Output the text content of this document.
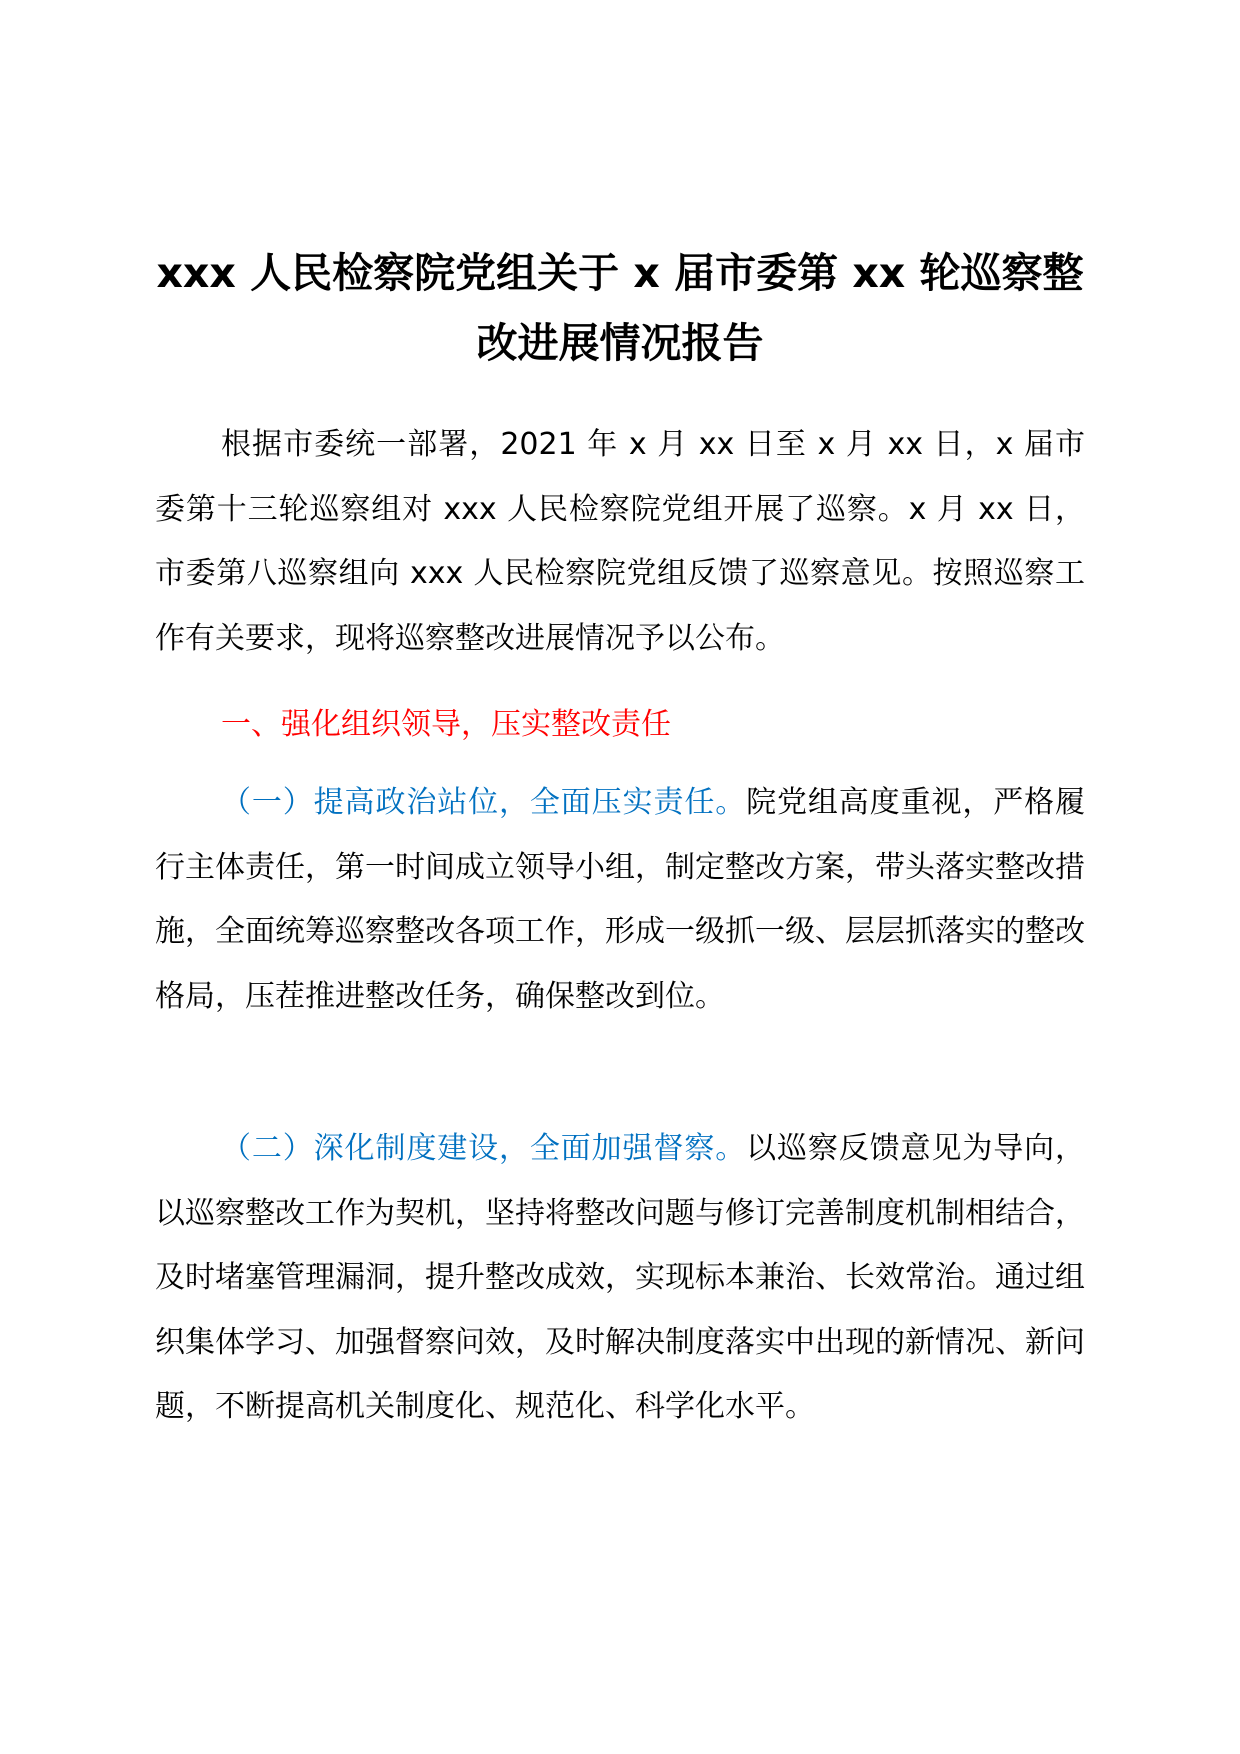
xxx 人民检察院党组关于 x 届市委第 xx 轮巡察整改进展情况报告
根据市委统一部署，2021 年 x 月 xx 日至 x 月 xx 日，x 届市委第十三轮巡察组对 xxx 人民检察院党组开展了巡察。x 月 xx 日，市委第八巡察组向 xxx 人民检察院党组反馈了巡察意见。按照巡察工作有关要求，现将巡察整改进展情况予以公布。
一、强化组织领导，压实整改责任
（一）提高政治站位，全面压实责任。院党组高度重视，严格履行主体责任，第一时间成立领导小组，制定整改方案，带头落实整改措施，全面统筹巡察整改各项工作，形成一级抓一级、层层抓落实的整改格局，压茬推进整改任务，确保整改到位。
（二）深化制度建设，全面加强督察。以巡察反馈意见为导向，以巡察整改工作为契机，坚持将整改问题与修订完善制度机制相结合，及时堵塞管理漏洞，提升整改成效，实现标本兼治、长效常治。通过组织集体学习、加强督察问效，及时解决制度落实中出现的新情况、新问题，不断提高机关制度化、规范化、科学化水平。
